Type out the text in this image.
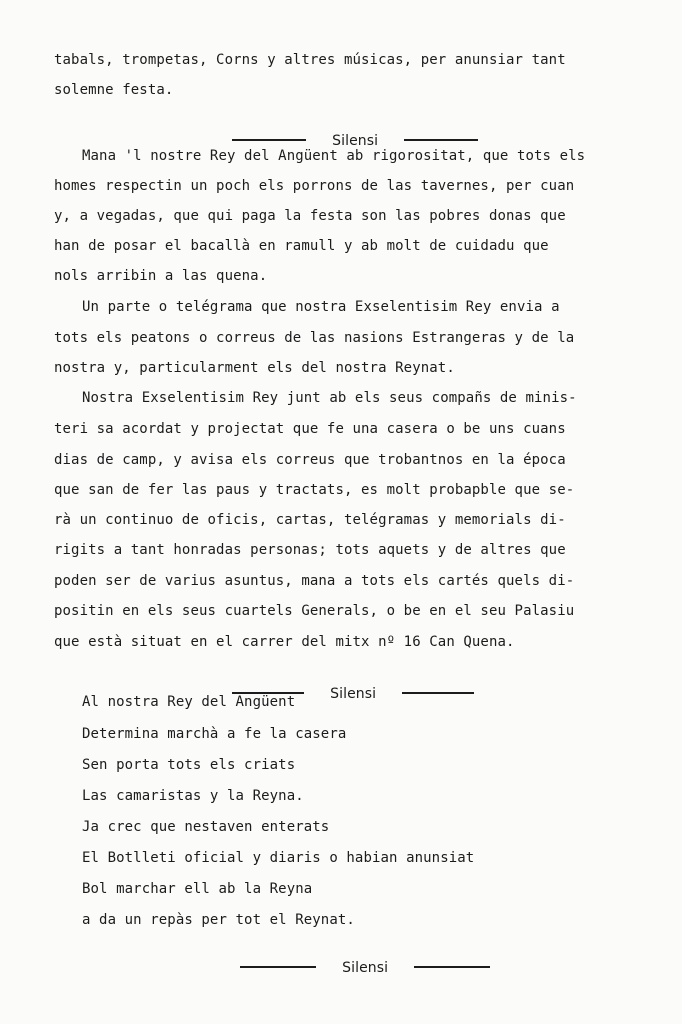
tabals, trompetas, Corns y altres músicas, per anunsiar tant
solemne festa.

Silensi

Mana 'l nostre Rey del Angüent ab rigorositat, que tots els
homes respectin un poch els porrons de las tavernes, per cuan
y, a vegadas, que qui paga la festa son las pobres donas que
han de posar el bacallà en ramull y ab molt de cuidadu que
nols arribin a las quena.
Un parte o telégrama que nostra Exselentisim Rey envia a
tots els peatons o correus de las nasions Estrangeras y de la
nostra y, particularment els del nostra Reynat.
Nostra Exselentisim Rey junt ab els seus compañs de minis-
teri sa acordat y projectat que fe una casera o be uns cuans
dias de camp, y avisa els correus que trobantnos en la época
que san de fer las paus y tractats, es molt probapble que se-
rà un continuo de oficis, cartas, telégramas y memorials di-
rigits a tant honradas personas; tots aquets y de altres que
poden ser de varius asuntus, mana a tots els cartés quels di-
positin en els seus cuartels Generals, o be en el seu Palasiu
que està situat en el carrer del mitx nº 16 Can Quena.

Silensi

Al nostra Rey del Angüent
Determina marchà a fe la casera
Sen porta tots els criats
Las camaristas y la Reyna.
Ja crec que nestaven enterats
El Botlleti oficial y diaris o habian anunsiat
Bol marchar ell ab la Reyna
a da un repàs per tot el Reynat.

Silensi
